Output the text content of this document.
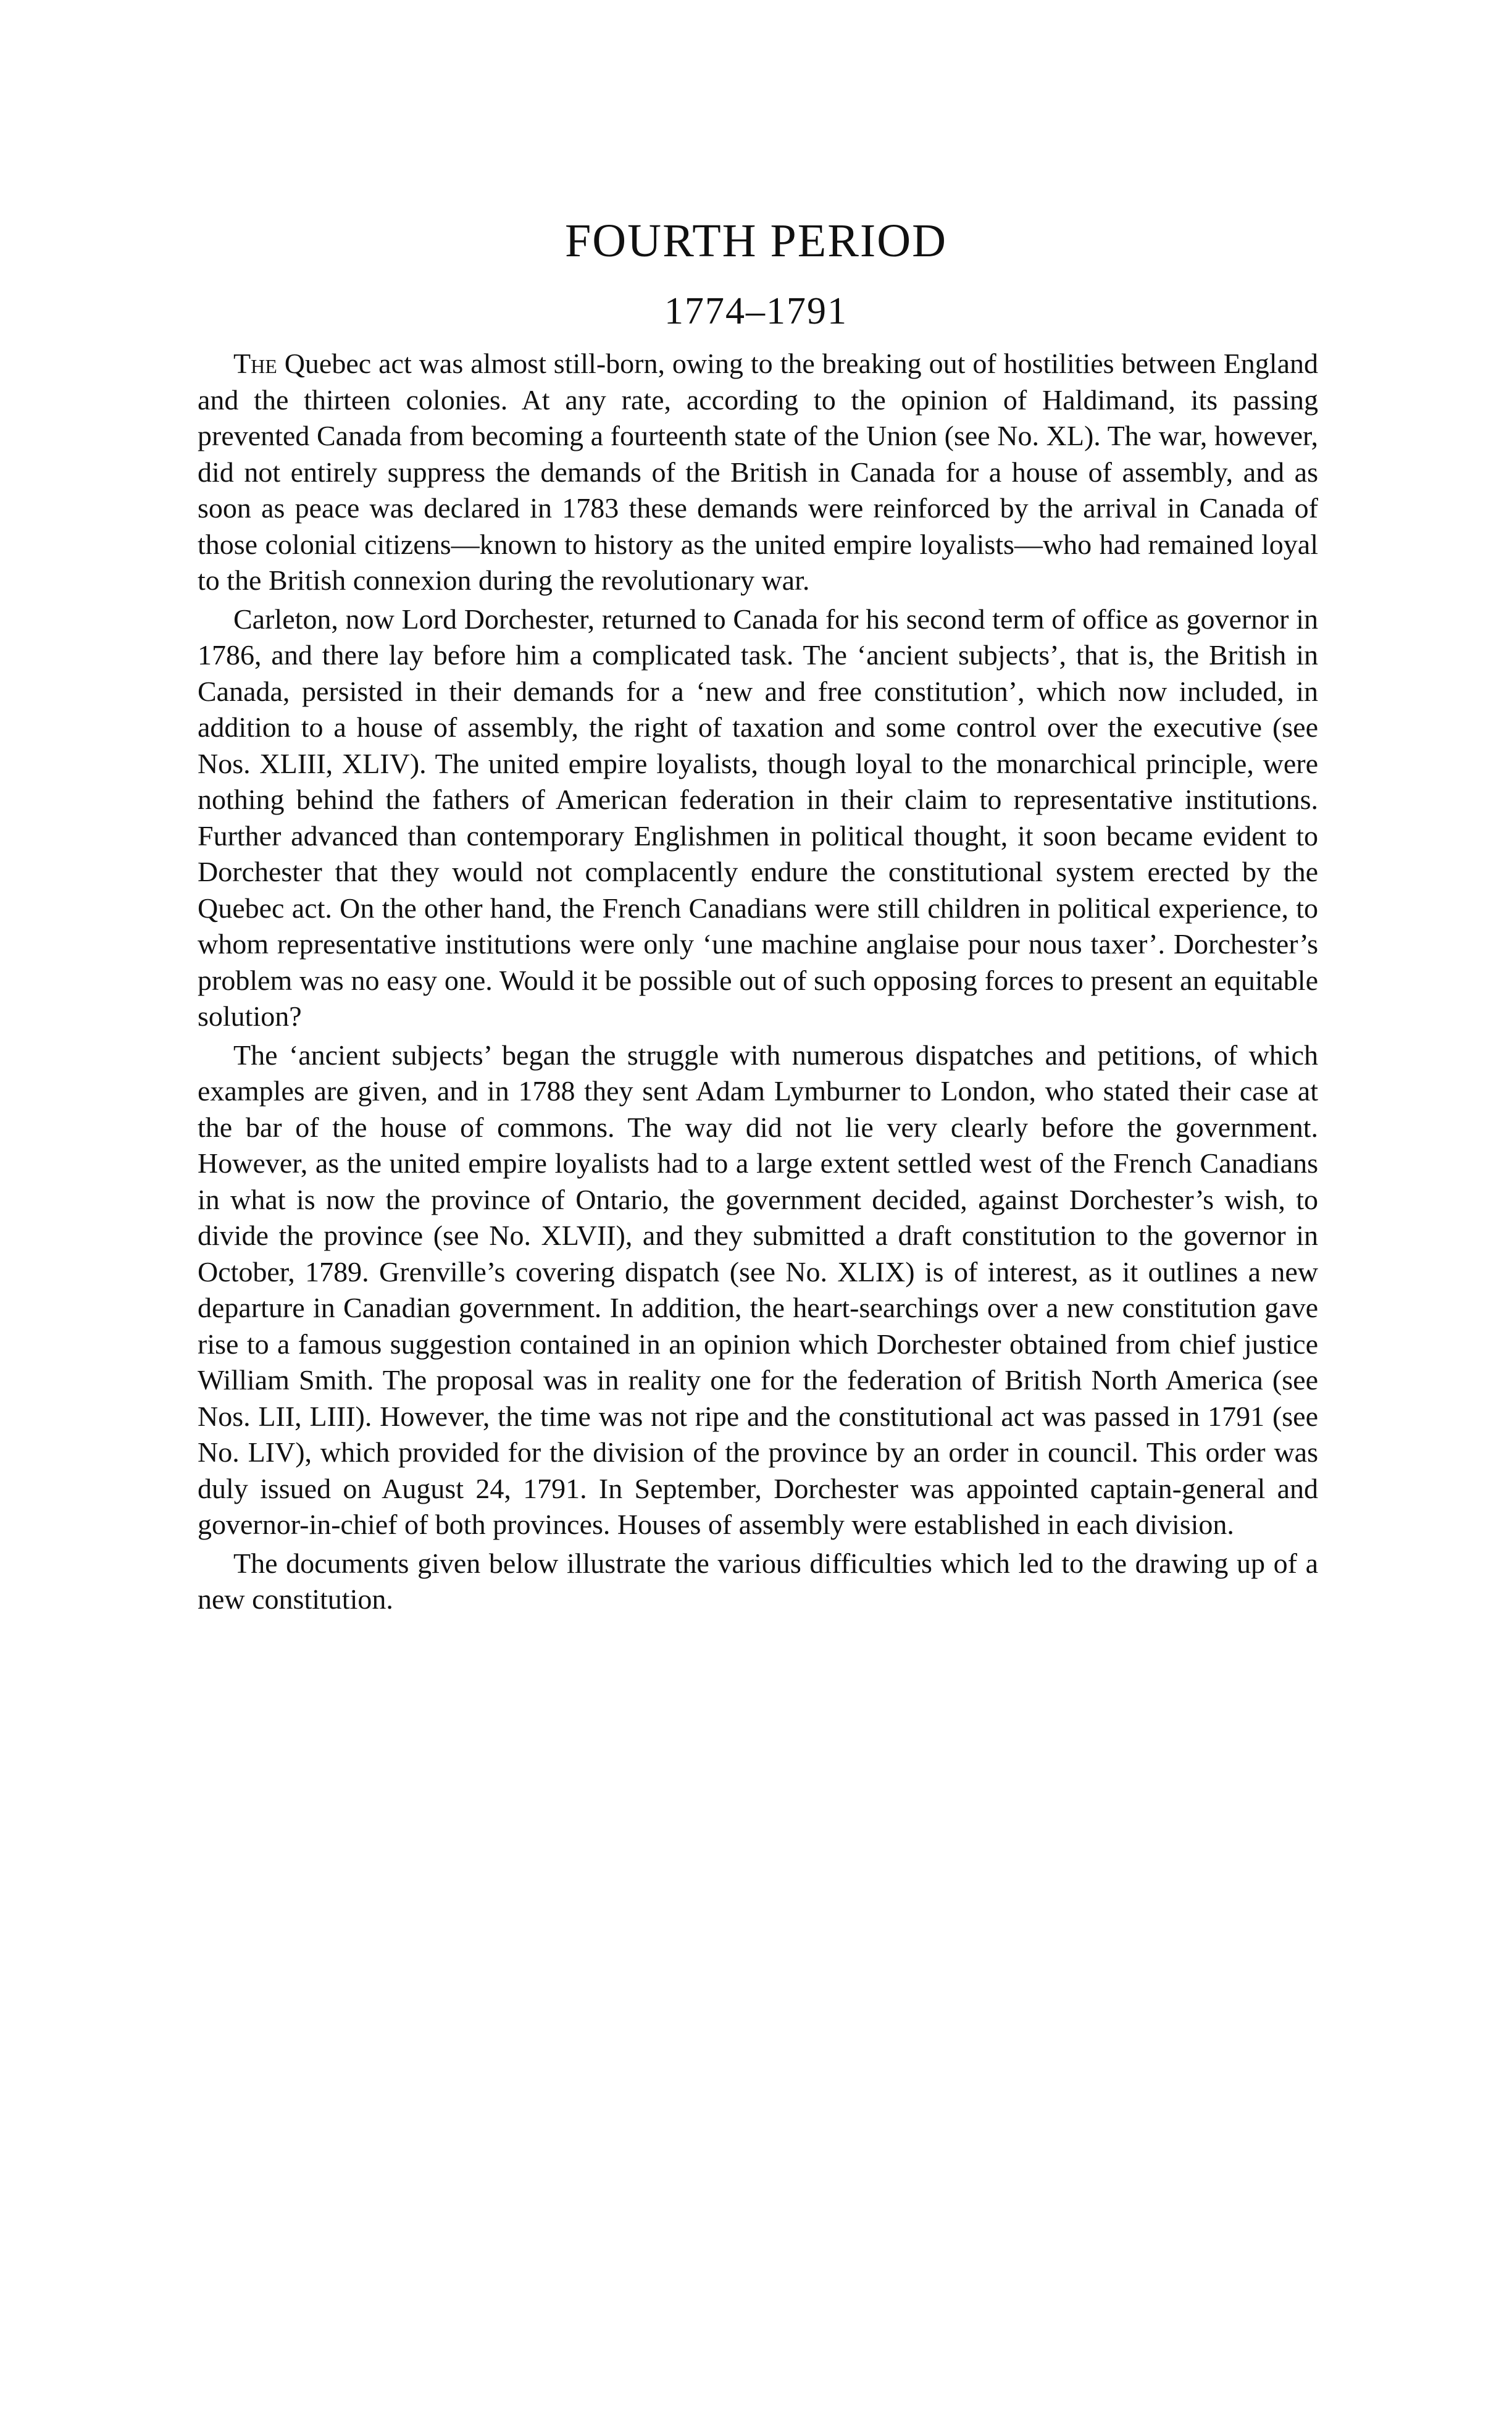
FOURTH PERIOD
1774–1791

The Quebec act was almost still-born, owing to the breaking out of hostilities between England and the thirteen colonies. At any rate, according to the opinion of Haldimand, its passing prevented Canada from becoming a fourteenth state of the Union (see No. XL). The war, however, did not entirely suppress the demands of the British in Canada for a house of assembly, and as soon as peace was declared in 1783 these demands were reinforced by the arrival in Canada of those colonial citizens—known to history as the united empire loyalists—who had remained loyal to the British connexion during the revolutionary war.

Carleton, now Lord Dorchester, returned to Canada for his second term of office as governor in 1786, and there lay before him a complicated task. The ‘ancient subjects’, that is, the British in Canada, persisted in their demands for a ‘new and free constitution’, which now included, in addition to a house of assembly, the right of taxation and some control over the executive (see Nos. XLIII, XLIV). The united empire loyalists, though loyal to the monarchical principle, were nothing behind the fathers of American federation in their claim to representative institutions. Further advanced than contemporary Englishmen in political thought, it soon became evident to Dorchester that they would not complacently endure the constitutional system erected by the Quebec act. On the other hand, the French Canadians were still children in political experience, to whom representative institutions were only ‘une machine anglaise pour nous taxer’. Dorchester’s problem was no easy one. Would it be possible out of such opposing forces to present an equitable solution?

The ‘ancient subjects’ began the struggle with numerous dispatches and petitions, of which examples are given, and in 1788 they sent Adam Lymburner to London, who stated their case at the bar of the house of commons. The way did not lie very clearly before the government. However, as the united empire loyalists had to a large extent settled west of the French Canadians in what is now the province of Ontario, the government decided, against Dorchester’s wish, to divide the province (see No. XLVII), and they submitted a draft constitution to the governor in October, 1789. Grenville’s covering dispatch (see No. XLIX) is of interest, as it outlines a new departure in Canadian government. In addition, the heart-searchings over a new constitution gave rise to a famous suggestion contained in an opinion which Dorchester obtained from chief justice William Smith. The proposal was in reality one for the federation of British North America (see Nos. LII, LIII). However, the time was not ripe and the constitutional act was passed in 1791 (see No. LIV), which provided for the division of the province by an order in council. This order was duly issued on August 24, 1791. In September, Dorchester was appointed captain-general and governor-in-chief of both provinces. Houses of assembly were established in each division.

The documents given below illustrate the various difficulties which led to the drawing up of a new constitution.
